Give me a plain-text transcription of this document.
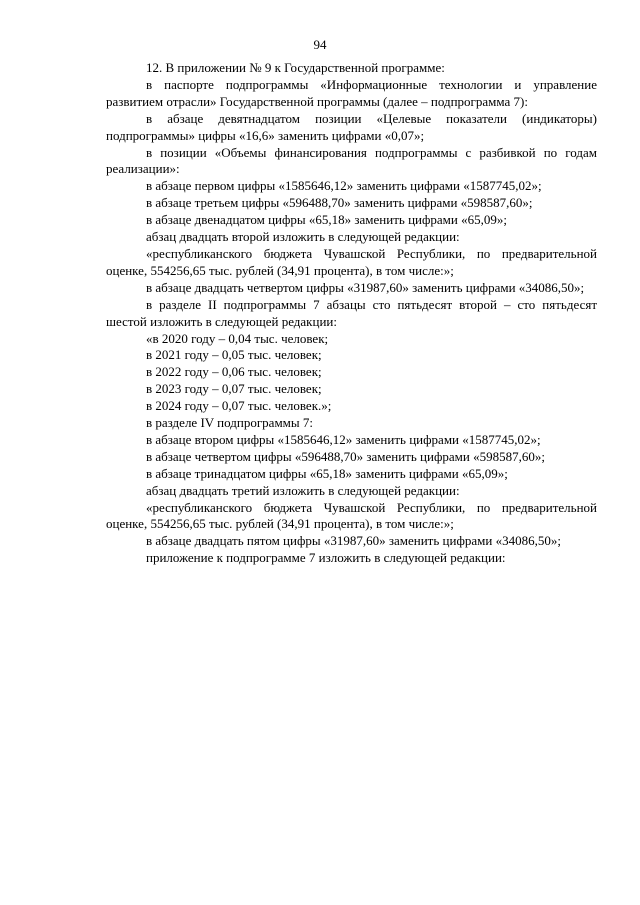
94

12. В приложении № 9 к Государственной программе:

в паспорте подпрограммы «Информационные технологии и управление развитием отрасли» Государственной программы (далее – подпрограмма 7):

в абзаце девятнадцатом позиции «Целевые показатели (индикаторы) подпрограммы» цифры «16,6» заменить цифрами «0,07»;

в позиции «Объемы финансирования подпрограммы с разбивкой по годам реализации»:

в абзаце первом цифры «1585646,12» заменить цифрами «1587745,02»;

в абзаце третьем цифры «596488,70» заменить цифрами «598587,60»;

в абзаце двенадцатом цифры «65,18» заменить цифрами «65,09»;

абзац двадцать второй изложить в следующей редакции:

«республиканского бюджета Чувашской Республики, по предварительной оценке, 554256,65 тыс. рублей (34,91 процента), в том числе:»;

в абзаце двадцать четвертом цифры «31987,60» заменить цифрами «34086,50»;

в разделе II подпрограммы 7 абзацы сто пятьдесят второй – сто пятьдесят шестой изложить в следующей редакции:

«в 2020 году – 0,04 тыс. человек;

в 2021 году – 0,05 тыс. человек;

в 2022 году – 0,06 тыс. человек;

в 2023 году – 0,07 тыс. человек;

в 2024 году – 0,07 тыс. человек.»;

в разделе IV подпрограммы 7:

в абзаце втором цифры «1585646,12» заменить цифрами «1587745,02»;

в абзаце четвертом цифры «596488,70» заменить цифрами «598587,60»;

в абзаце тринадцатом цифры «65,18» заменить цифрами «65,09»;

абзац двадцать третий изложить в следующей редакции:

«республиканского бюджета Чувашской Республики, по предварительной оценке, 554256,65 тыс. рублей (34,91 процента), в том числе:»;

в абзаце двадцать пятом цифры «31987,60» заменить цифрами «34086,50»;

приложение к подпрограмме 7 изложить в следующей редакции:
